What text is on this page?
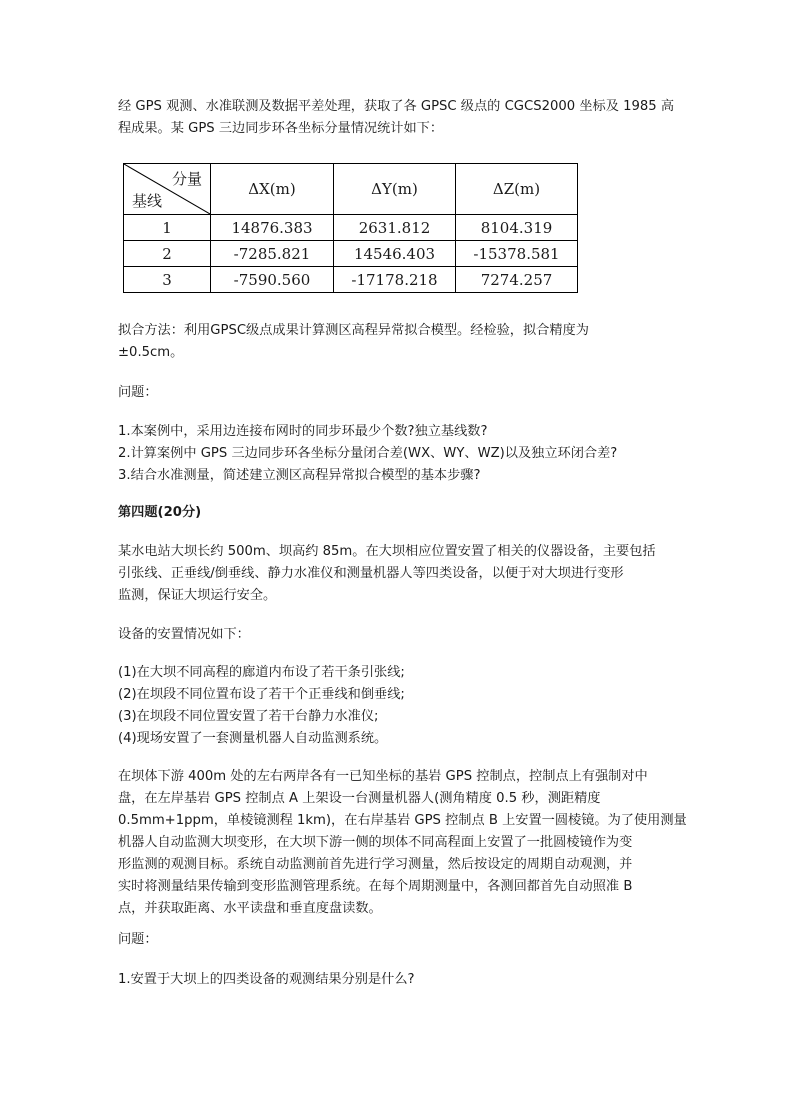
经 GPS 观测、水准联测及数据平差处理，获取了各 GPSC 级点的 CGCS2000 坐标及 1985 高
程成果。某 GPS 三边同步环各坐标分量情况统计如下：
分量
基线	ΔX(m)	ΔY(m)	ΔZ(m)
1	14876.383	2631.812	8104.319
2	-7285.821	14546.403	-15378.581
3	-7590.560	-17178.218	7274.257
拟合方法：利用GPSC级点成果计算测区高程异常拟合模型。经检验，拟合精度为
±0.5cm。
问题：
1.本案例中，采用边连接布网时的同步环最少个数?独立基线数?
2.计算案例中 GPS 三边同步环各坐标分量闭合差(WX、WY、WZ)以及独立环闭合差?
3.结合水准测量，简述建立测区高程异常拟合模型的基本步骤?
第四题(20分)
某水电站大坝长约 500m、坝高约 85m。在大坝相应位置安置了相关的仪器设备，主要包括
引张线、正垂线/倒垂线、静力水准仪和测量机器人等四类设备，以便于对大坝进行变形
监测，保证大坝运行安全。
设备的安置情况如下：
(1)在大坝不同高程的廊道内布设了若干条引张线;
(2)在坝段不同位置布设了若干个正垂线和倒垂线;
(3)在坝段不同位置安置了若干台静力水准仪;
(4)现场安置了一套测量机器人自动监测系统。
在坝体下游 400m 处的左右两岸各有一已知坐标的基岩 GPS 控制点，控制点上有强制对中
盘，在左岸基岩 GPS 控制点 A 上架设一台测量机器人(测角精度 0.5 秒，测距精度
0.5mm+1ppm，单棱镜测程 1km)，在右岸基岩 GPS 控制点 B 上安置一圆棱镜。为了使用测量
机器人自动监测大坝变形，在大坝下游一侧的坝体不同高程面上安置了一批圆棱镜作为变
形监测的观测目标。系统自动监测前首先进行学习测量，然后按设定的周期自动观测，并
实时将测量结果传输到变形监测管理系统。在每个周期测量中，各测回都首先自动照准 B
点，并获取距离、水平读盘和垂直度盘读数。
问题：
1.安置于大坝上的四类设备的观测结果分别是什么?
